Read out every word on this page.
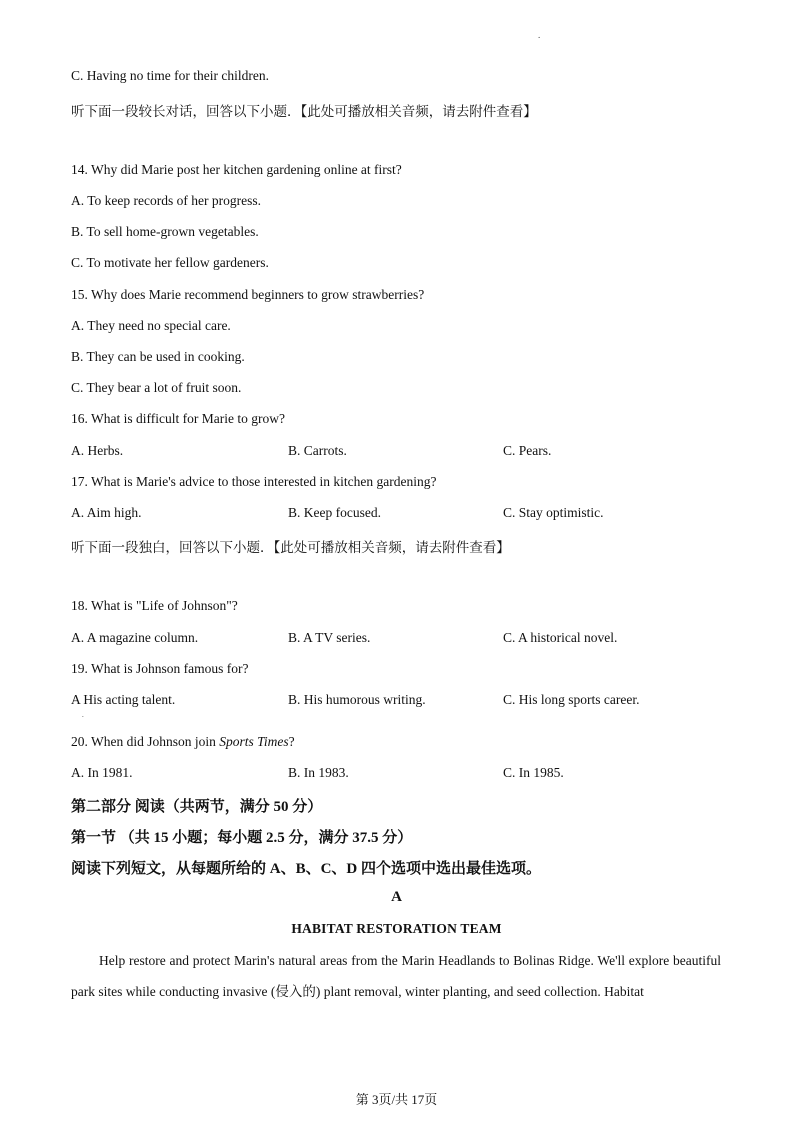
.
C. Having no time for their children.
听下面一段较长对话，回答以下小题．【此处可播放相关音频，请去附件查看】
14. Why did Marie post her kitchen gardening online at first?
A. To keep records of her progress.
B. To sell home-grown vegetables.
C. To motivate her fellow gardeners.
15. Why does Marie recommend beginners to grow strawberries?
A. They need no special care.
B. They can be used in cooking.
C. They bear a lot of fruit soon.
16. What is difficult for Marie to grow?
A. Herbs.	B. Carrots.	C. Pears.
17. What is Marie's advice to those interested in kitchen gardening?
A. Aim high.	B. Keep focused.	C. Stay optimistic.
听下面一段独白，回答以下小题．【此处可播放相关音频，请去附件查看】
18. What is "Life of Johnson"?
A. A magazine column.	B. A TV series.	C. A historical novel.
19. What is Johnson famous for?
A His acting talent.	B. His humorous writing.	C. His long sports career.
.
20. When did Johnson join Sports Times?
A. In 1981.	B. In 1983.	C. In 1985.
第二部分 阅读（共两节，满分 50 分）
第一节 （共 15 小题；每小题 2.5 分，满分 37.5 分）
阅读下列短文，从每题所给的 A、B、C、D 四个选项中选出最佳选项。
A
HABITAT RESTORATION TEAM
Help restore and protect Marin's natural areas from the Marin Headlands to Bolinas Ridge. We'll explore beautiful park sites while conducting invasive (侵入的) plant removal, winter planting, and seed collection. Habitat
第 3页/共 17页
